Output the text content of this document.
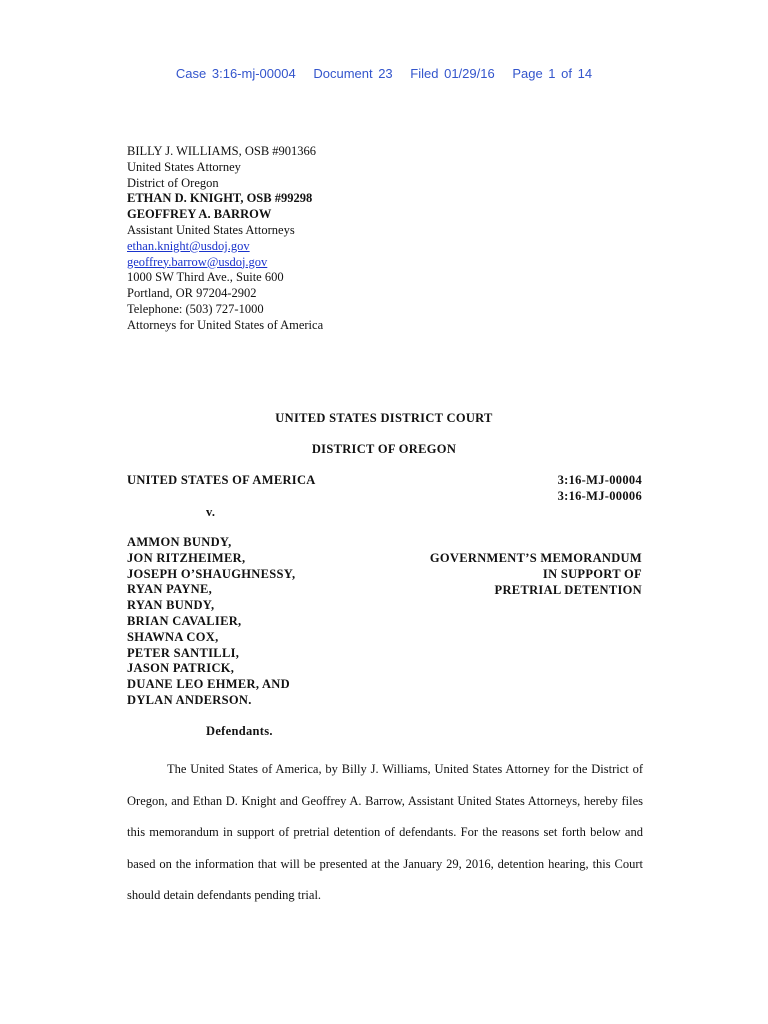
Case 3:16-mj-00004 Document 23 Filed 01/29/16 Page 1 of 14
BILLY J. WILLIAMS, OSB #901366
United States Attorney
District of Oregon
ETHAN D. KNIGHT, OSB #99298
GEOFFREY A. BARROW
Assistant United States Attorneys
ethan.knight@usdoj.gov
geoffrey.barrow@usdoj.gov
1000 SW Third Ave., Suite 600
Portland, OR 97204-2902
Telephone: (503) 727-1000
Attorneys for United States of America
UNITED STATES DISTRICT COURT
DISTRICT OF OREGON
UNITED STATES OF AMERICA	3:16-MJ-00004
3:16-MJ-00006
v.
AMMON BUNDY,
JON RITZHEIMER,
JOSEPH O’SHAUGHNESSY,
RYAN PAYNE,
RYAN BUNDY,
BRIAN CAVALIER,
SHAWNA COX,
PETER SANTILLI,
JASON PATRICK,
DUANE LEO EHMER, AND
DYLAN ANDERSON.
GOVERNMENT’S MEMORANDUM
IN SUPPORT OF
PRETRIAL DETENTION
Defendants.

The United States of America, by Billy J. Williams, United States Attorney for the District of Oregon, and Ethan D. Knight and Geoffrey A. Barrow, Assistant United States Attorneys, hereby files this memorandum in support of pretrial detention of defendants. For the reasons set forth below and based on the information that will be presented at the January 29, 2016, detention hearing, this Court should detain defendants pending trial.
